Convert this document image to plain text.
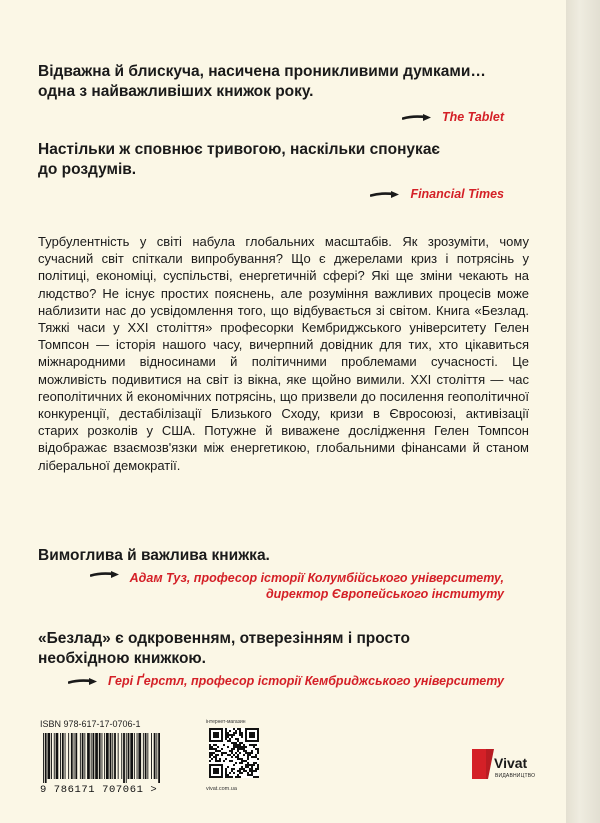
Відважна й блискуча, насичена проникливими думками…
одна з найважливіших книжок року.
The Tablet
Настільки ж сповнює тривогою, наскільки спонукає
до роздумів.
Financial Times

Турбулентність у світі набула глобальних масштабів. Як зрозуміти, чому сучасний світ спіткали випробування? Що є джерелами криз і потрясінь у політиці, економіці, суспільстві, енергетичній сфері? Які ще зміни чекають на людство? Не існує простих пояснень, але розуміння важливих процесів може наблизити нас до усвідомлення того, що відбувається зі світом. Книга «Безлад. Тяжкі часи у XXI століття» професорки Кембриджського університету Гелен Томпсон — історія нашого часу, вичерпний довідник для тих, хто цікавиться міжнародними відносинами й політичними проблемами сучасності. Це можливість подивитися на світ із вікна, яке щойно вимили. XXI століття — час геополітичних й економічних потрясінь, що призвели до посилення геополітичної конкуренції, дестабілізації Близького Сходу, кризи в Євросоюзі, активізації старих розколів у США. Потужне й виважене дослідження Гелен Томпсон відображає взаємозв'язки між енергетикою, глобальними фінансами й станом ліберальної демократії.

Вимоглива й важлива книжка.
Адам Туз, професор історії Колумбійського університету,
директор Європейського інституту
«Безлад» є одкровенням, отверезінням і просто
необхідною книжкою.
Гері Ґерстл, професор історії Кембриджського університету
ISBN 978-617-17-0706-1
9 786171 707061 >
інтернет-магазин
vivat.com.ua
Vivat
ВИДАВНИЦТВО
